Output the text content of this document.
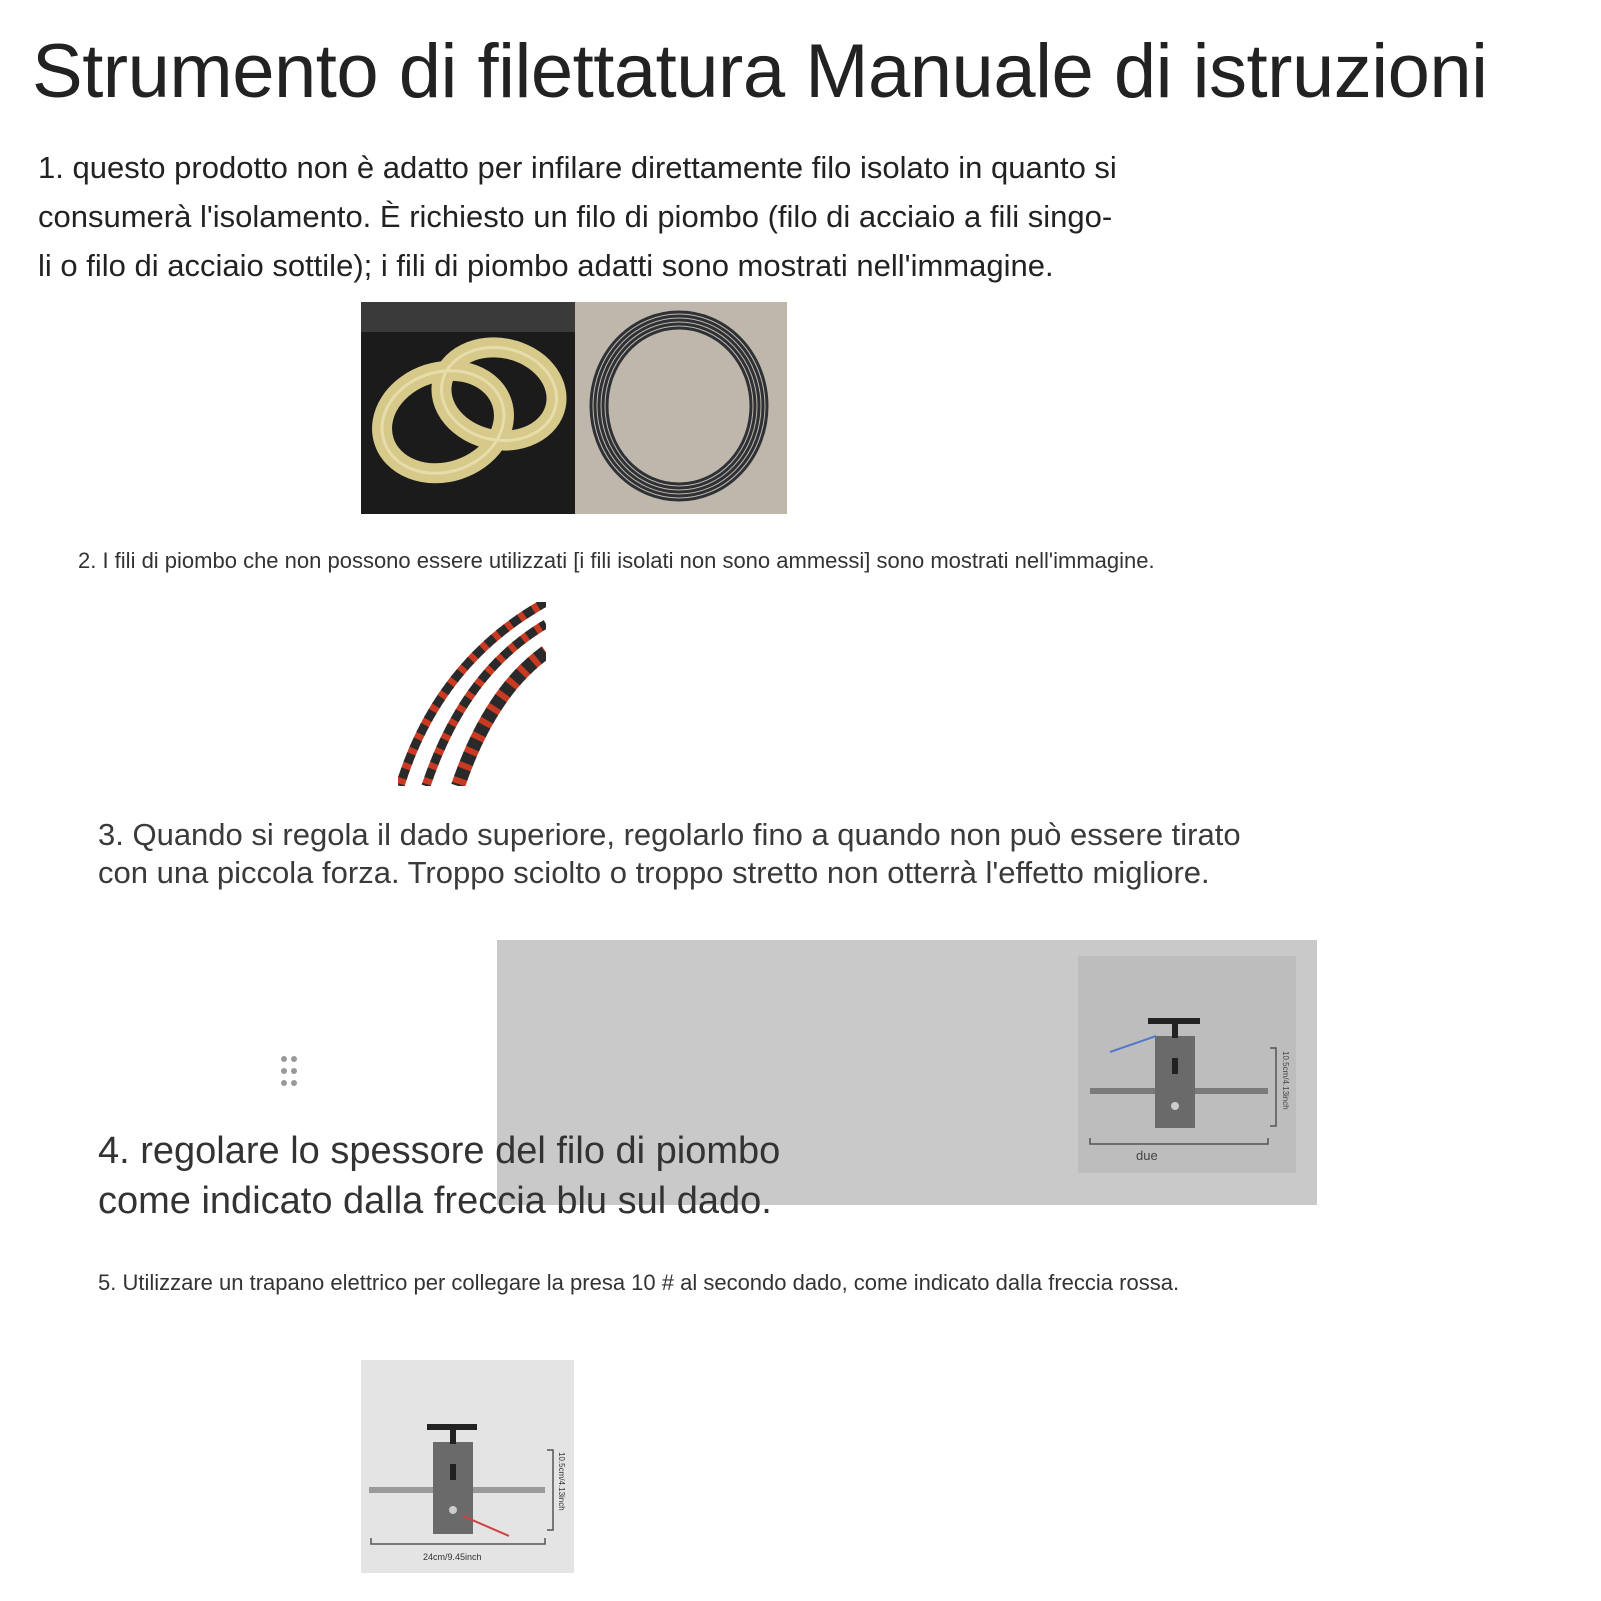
Strumento di filettatura Manuale di istruzioni
1. questo prodotto non è adatto per infilare direttamente filo isolato in quanto si
consumerà l'isolamento. È richiesto un filo di piombo (filo di acciaio a fili singo-
li o filo di acciaio sottile); i fili di piombo adatti sono mostrati nell'immagine.
2. I fili di piombo che non possono essere utilizzati [i fili isolati non sono ammessi] sono mostrati nell'immagine.
3. Quando si regola il dado superiore, regolarlo fino a quando non può essere tirato
con una piccola forza. Troppo sciolto o troppo stretto non otterrà l'effetto migliore.
due
10.5cm/4.13inch
4. regolare lo spessore del filo di piombo
come indicato dalla freccia blu sul dado.
5. Utilizzare un trapano elettrico per collegare la presa 10 # al secondo dado, come indicato dalla freccia rossa.
24cm/9.45inch
10.5cm/4.13inch
